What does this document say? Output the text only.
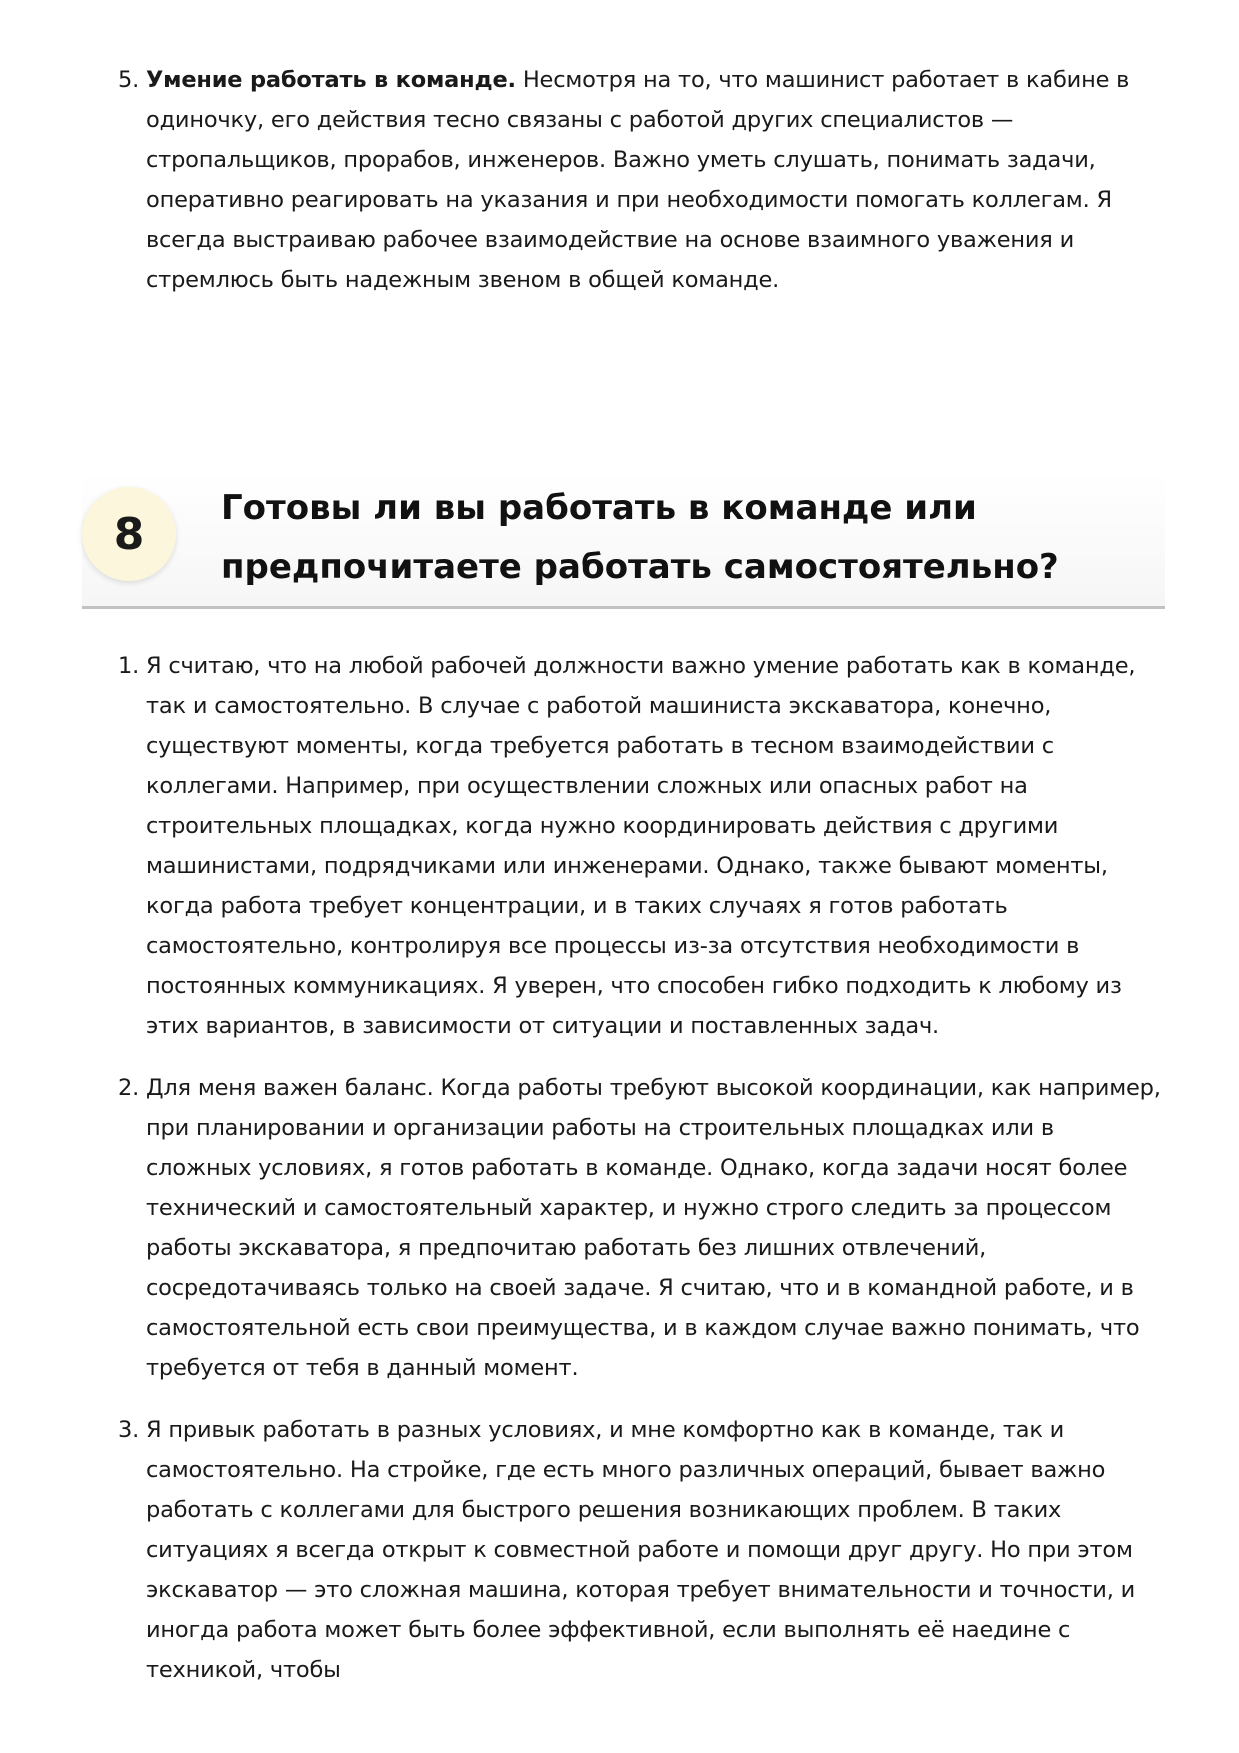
5. Умение работать в команде. Несмотря на то, что машинист работает в кабине в одиночку, его действия тесно связаны с работой других специалистов — стропальщиков, прорабов, инженеров. Важно уметь слушать, понимать задачи, оперативно реагировать на указания и при необходимости помогать коллегам. Я всегда выстраиваю рабочее взаимодействие на основе взаимного уважения и стремлюсь быть надежным звеном в общей команде.
8
Готовы ли вы работать в команде или предпочитаете работать самостоятельно?
1. Я считаю, что на любой рабочей должности важно умение работать как в команде, так и самостоятельно. В случае с работой машиниста экскаватора, конечно, существуют моменты, когда требуется работать в тесном взаимодействии с коллегами. Например, при осуществлении сложных или опасных работ на строительных площадках, когда нужно координировать действия с другими машинистами, подрядчиками или инженерами. Однако, также бывают моменты, когда работа требует концентрации, и в таких случаях я готов работать самостоятельно, контролируя все процессы из-за отсутствия необходимости в постоянных коммуникациях. Я уверен, что способен гибко подходить к любому из этих вариантов, в зависимости от ситуации и поставленных задач.
2. Для меня важен баланс. Когда работы требуют высокой координации, как например, при планировании и организации работы на строительных площадках или в сложных условиях, я готов работать в команде. Однако, когда задачи носят более технический и самостоятельный характер, и нужно строго следить за процессом работы экскаватора, я предпочитаю работать без лишних отвлечений, сосредотачиваясь только на своей задаче. Я считаю, что и в командной работе, и в самостоятельной есть свои преимущества, и в каждом случае важно понимать, что требуется от тебя в данный момент.
3. Я привык работать в разных условиях, и мне комфортно как в команде, так и самостоятельно. На стройке, где есть много различных операций, бывает важно работать с коллегами для быстрого решения возникающих проблем. В таких ситуациях я всегда открыт к совместной работе и помощи друг другу. Но при этом экскаватор — это сложная машина, которая требует внимательности и точности, и иногда работа может быть более эффективной, если выполнять её наедине с техникой, чтобы
